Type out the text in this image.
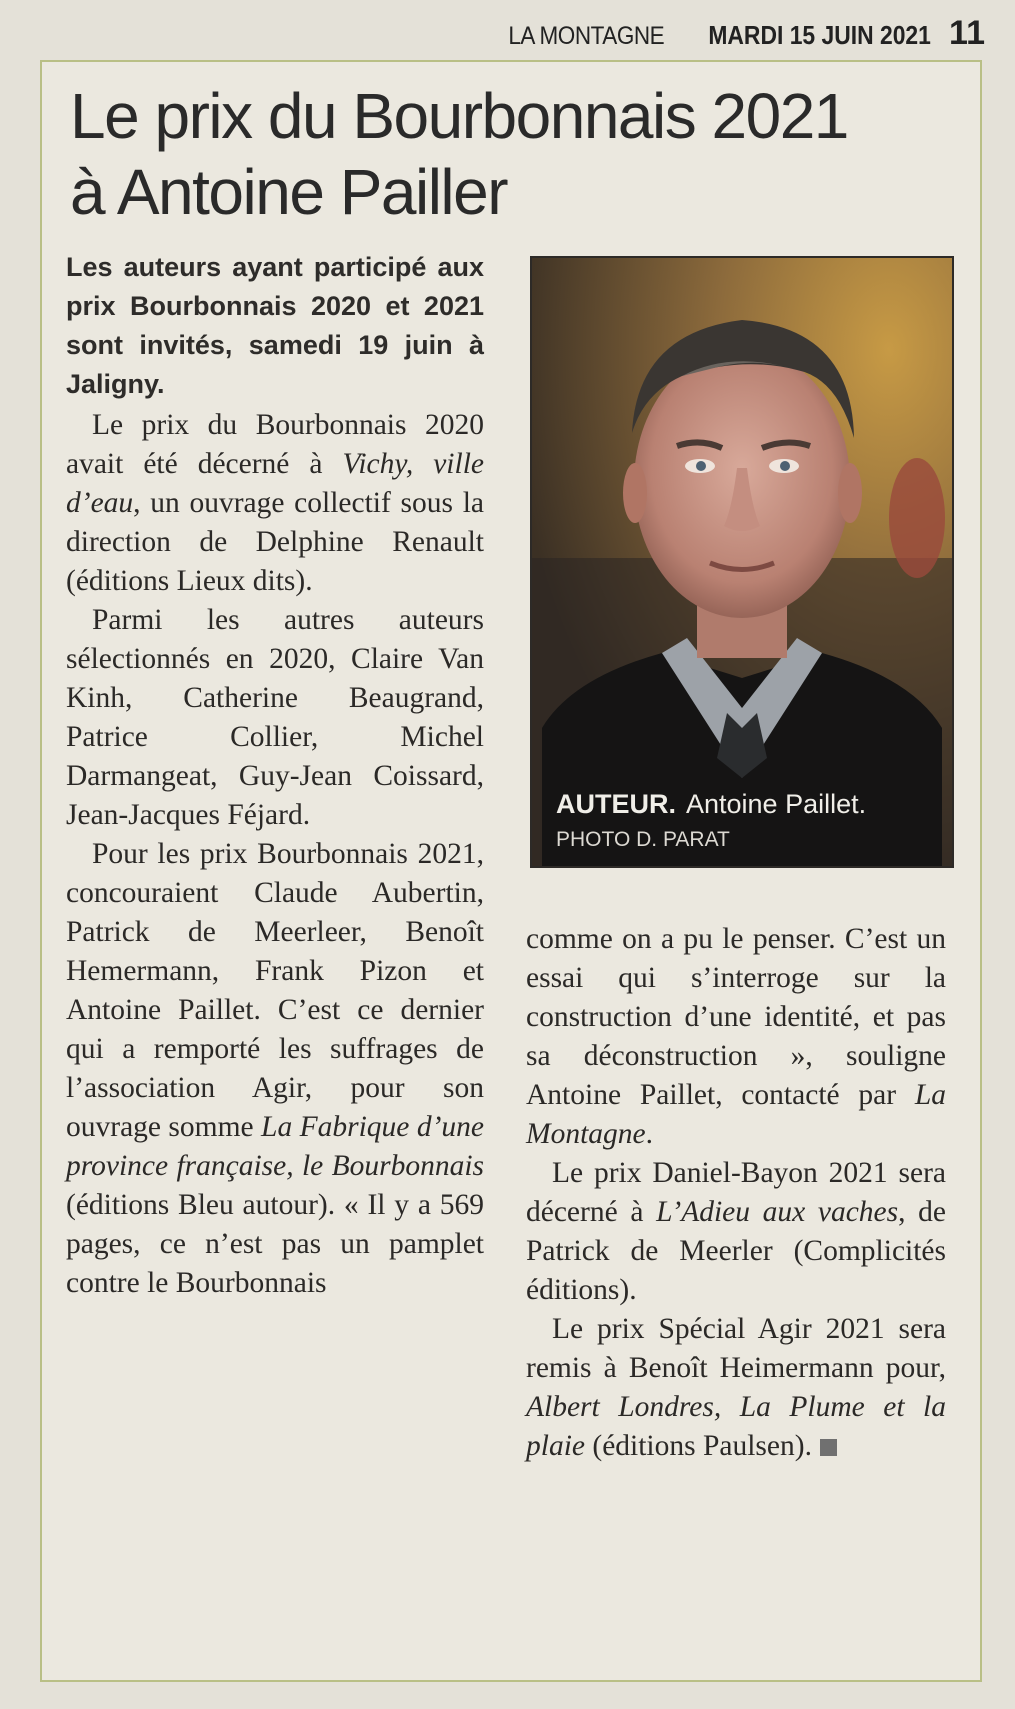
LA MONTAGNE MARDI 15 JUIN 2021 11
Le prix du Bourbonnais 2021
à Antoine Pailler

Les auteurs ayant participé aux prix Bourbonnais 2020 et 2021 sont invités, samedi 19 juin à Jaligny.

Le prix du Bourbonnais 2020 avait été décerné à Vichy, ville d’eau, un ouvrage collectif sous la direction de Delphine Renault (éditions Lieux dits).

Parmi les autres auteurs sélectionnés en 2020, Claire Van Kinh, Catherine Beaugrand, Patrice Collier, Michel Darmangeat, Guy-Jean Coissard, Jean-Jacques Féjard.

Pour les prix Bourbonnais 2021, concouraient Claude Aubertin, Patrick de Meerleer, Benoît Hemermann, Frank Pizon et Antoine Paillet. C’est ce dernier qui a remporté les suffrages de l’association Agir, pour son ouvrage somme La Fabrique d’une province française, le Bourbonnais (éditions Bleu autour). « Il y a 569 pages, ce n’est pas un pamplet contre le Bourbonnais

AUTEUR. Antoine Paillet.
PHOTO D. PARAT

comme on a pu le penser. C’est un essai qui s’interroge sur la construction d’une identité, et pas sa déconstruction », souligne Antoine Paillet, contacté par La Montagne.

Le prix Daniel-Bayon 2021 sera décerné à L’Adieu aux vaches, de Patrick de Meerler (Complicités éditions).

Le prix Spécial Agir 2021 sera remis à Benoît Heimermann pour, Albert Londres, La Plume et la plaie (éditions Paulsen).
